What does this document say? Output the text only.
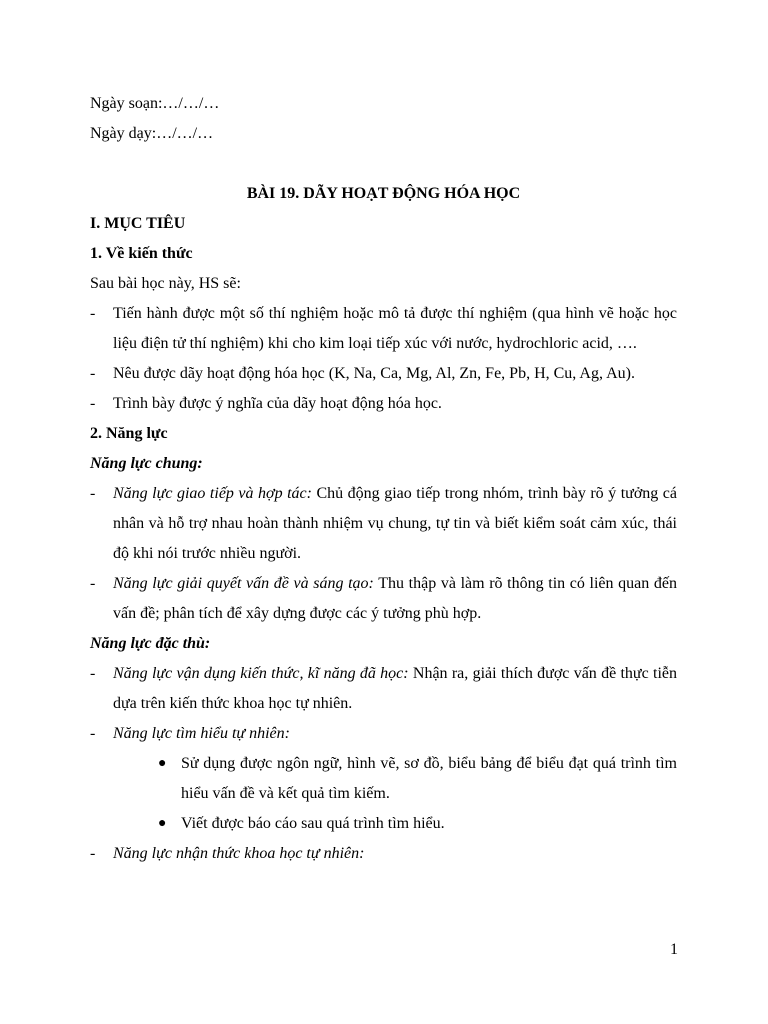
Ngày soạn:…/…/…

Ngày dạy:…/…/…

BÀI 19. DÃY HOẠT ĐỘNG HÓA HỌC

I. MỤC TIÊU

1. Về kiến thức

Sau bài học này, HS sẽ:

- Tiến hành được một số thí nghiệm hoặc mô tả được thí nghiệm (qua hình vẽ hoặc học liệu điện tử thí nghiệm) khi cho kim loại tiếp xúc với nước, hydrochloric acid, ….
- Nêu được dãy hoạt động hóa học (K, Na, Ca, Mg, Al, Zn, Fe, Pb, H, Cu, Ag, Au).
- Trình bày được ý nghĩa của dãy hoạt động hóa học.

2. Năng lực

Năng lực chung:

- Năng lực giao tiếp và hợp tác: Chủ động giao tiếp trong nhóm, trình bày rõ ý tưởng cá nhân và hỗ trợ nhau hoàn thành nhiệm vụ chung, tự tin và biết kiểm soát cảm xúc, thái độ khi nói trước nhiều người.
- Năng lực giải quyết vấn đề và sáng tạo: Thu thập và làm rõ thông tin có liên quan đến vấn đề; phân tích để xây dựng được các ý tưởng phù hợp.

Năng lực đặc thù:

- Năng lực vận dụng kiến thức, kĩ năng đã học: Nhận ra, giải thích được vấn đề thực tiễn dựa trên kiến thức khoa học tự nhiên.
- Năng lực tìm hiểu tự nhiên:
● Sử dụng được ngôn ngữ, hình vẽ, sơ đồ, biểu bảng để biểu đạt quá trình tìm hiểu vấn đề và kết quả tìm kiếm.
● Viết được báo cáo sau quá trình tìm hiểu.
- Năng lực nhận thức khoa học tự nhiên:
1
